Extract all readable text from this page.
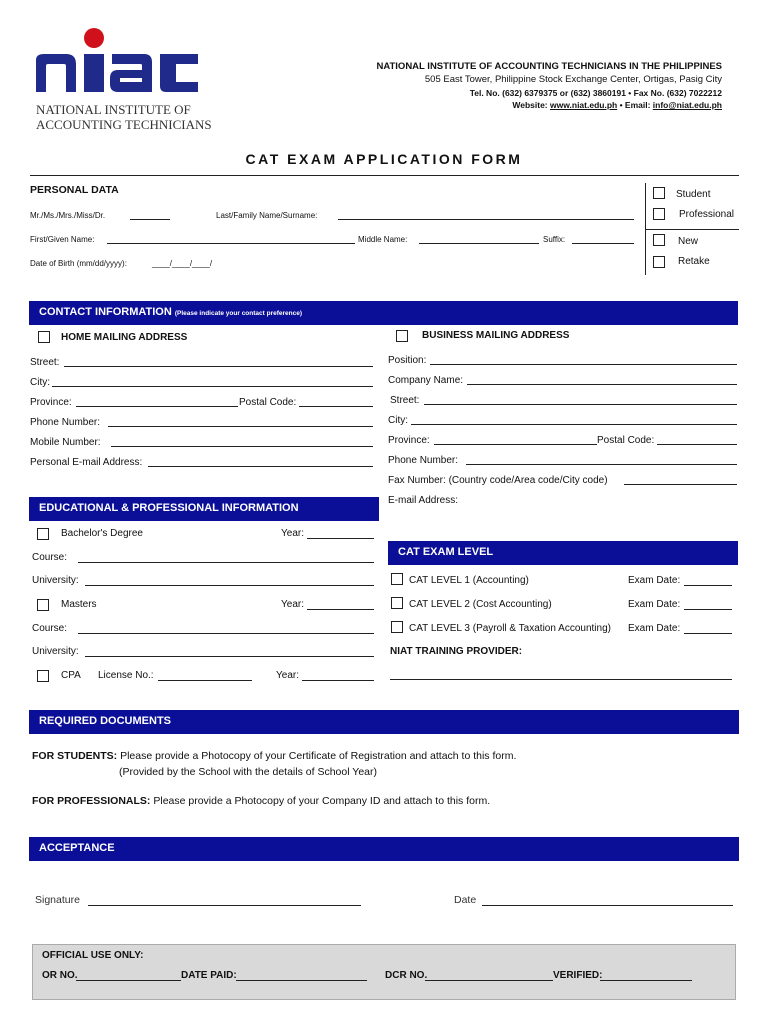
NATIONAL INSTITUTE OF
ACCOUNTING TECHNICIANS
NATIONAL INSTITUTE OF ACCOUNTING TECHNICIANS IN THE PHILIPPINES
505 East Tower, Philippine Stock Exchange Center, Ortigas, Pasig City
Tel. No. (632) 6379375 or (632) 3860191 • Fax No. (632) 7022212
Website: www.niat.edu.ph • Email: info@niat.edu.ph
CAT EXAM APPLICATION FORM
PERSONAL DATA
Mr./Ms./Mrs./Miss/Dr.	Last/Family Name/Surname:
First/Given Name:	Middle Name:	Suffix:
Date of Birth (mm/dd/yyyy):	____/____/____/
Student
Professional
New
Retake
CONTACT INFORMATION (Please indicate your contact preference)
HOME MAILING ADDRESS	BUSINESS MAILING ADDRESS
Street:
City:
Province:	Postal Code:
Phone Number:
Mobile Number:
Personal E-mail Address:
Position:
Company Name:
Street:
City:
Province:	Postal Code:
Phone Number:
Fax Number: (Country code/Area code/City code)
E-mail Address:
EDUCATIONAL & PROFESSIONAL INFORMATION
Bachelor's Degree	Year:
Course:
University:
Masters	Year:
Course:
University:
CPA License No.:	Year:
CAT EXAM LEVEL
CAT LEVEL 1 (Accounting)	Exam Date:
CAT LEVEL 2 (Cost Accounting)	Exam Date:
CAT LEVEL 3 (Payroll & Taxation Accounting) Exam Date:
NIAT TRAINING PROVIDER:
REQUIRED DOCUMENTS
FOR STUDENTS: Please provide a Photocopy of your Certificate of Registration and attach to this form.
(Provided by the School with the details of School Year)
FOR PROFESSIONALS: Please provide a Photocopy of your Company ID and attach to this form.
ACCEPTANCE
Signature	Date
OFFICIAL USE ONLY:
OR NO.	DATE PAID:	DCR NO.	VERIFIED:
